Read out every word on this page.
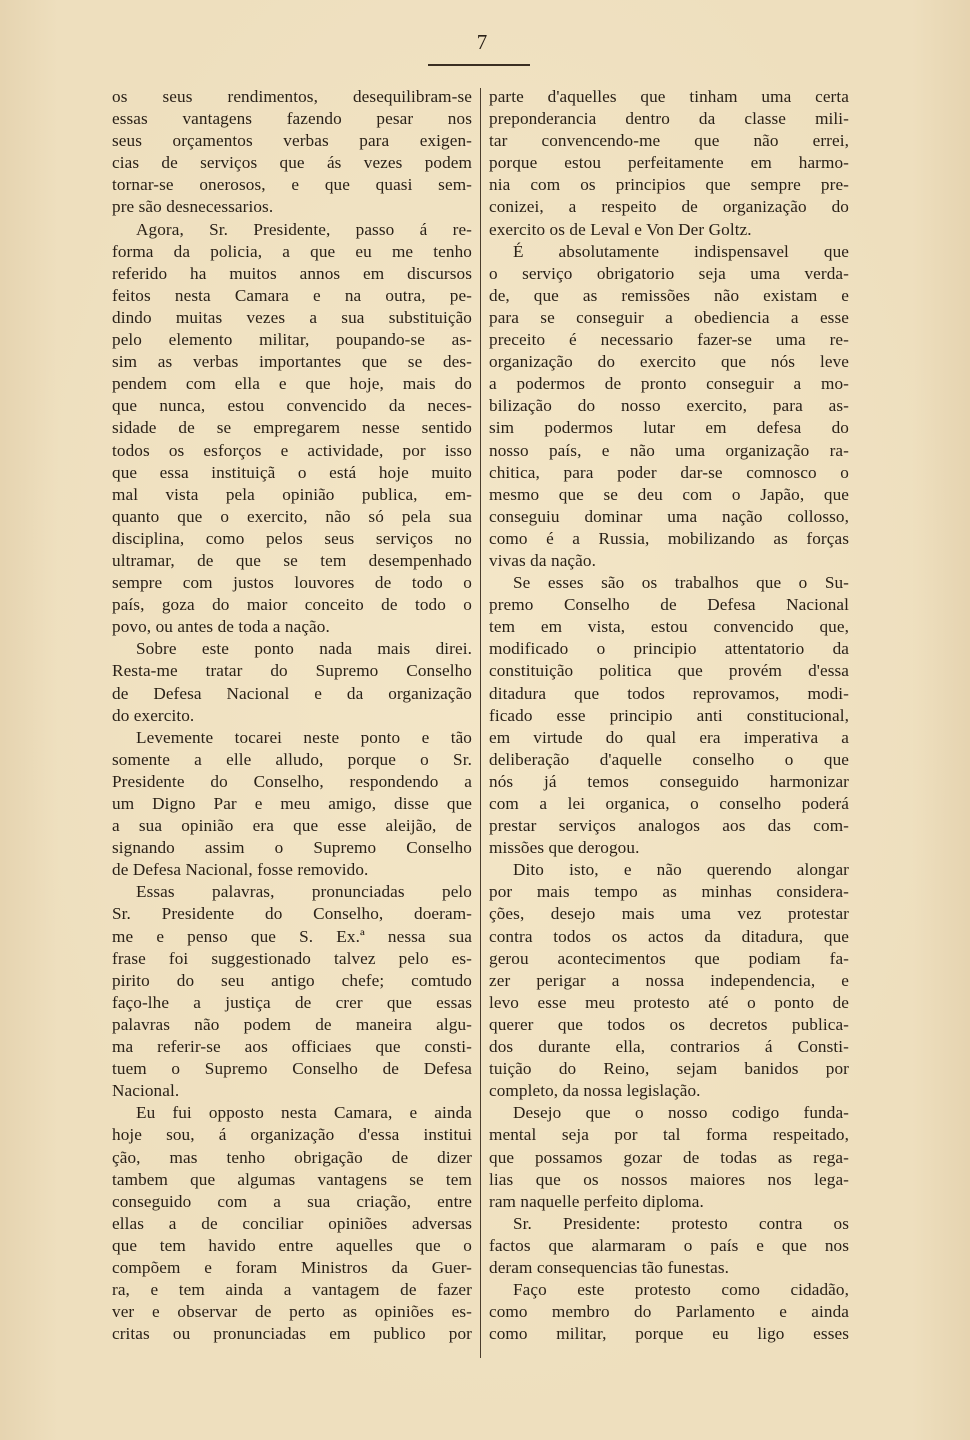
7
os seus rendimentos, desequilibram-se
essas vantagens fazendo pesar nos
seus orçamentos verbas para exigen-
cias de serviços que ás vezes podem
tornar-se onerosos, e que quasi sem-
pre são desnecessarios.
Agora, Sr. Presidente, passo á re-
forma da policia, a que eu me tenho
referido ha muitos annos em discursos
feitos nesta Camara e na outra, pe-
dindo muitas vezes a sua substituição
pelo elemento militar, poupando-se as-
sim as verbas importantes que se des-
pendem com ella e que hoje, mais do
que nunca, estou convencido da neces-
sidade de se empregarem nesse sentido
todos os esforços e actividade, por isso
que essa instituiçã o está hoje muito
mal vista pela opinião publica, em-
quanto que o exercito, não só pela sua
disciplina, como pelos seus serviços no
ultramar, de que se tem desempenhado
sempre com justos louvores de todo o
país, goza do maior conceito de todo o
povo, ou antes de toda a nação.
Sobre este ponto nada mais direi.
Resta-me tratar do Supremo Conselho
de Defesa Nacional e da organização
do exercito.
Levemente tocarei neste ponto e tão
somente a elle alludo, porque o Sr.
Presidente do Conselho, respondendo a
um Digno Par e meu amigo, disse que
a sua opinião era que esse aleijão, de
signando assim o Supremo Conselho
de Defesa Nacional, fosse removido.
Essas palavras, pronunciadas pelo
Sr. Presidente do Conselho, doeram-
me e penso que S. Ex.ª nessa sua
frase foi suggestionado talvez pelo es-
pirito do seu antigo chefe; comtudo
faço-lhe a justiça de crer que essas
palavras não podem de maneira algu-
ma referir-se aos officiaes que consti-
tuem o Supremo Conselho de Defesa
Nacional.
Eu fui opposto nesta Camara, e ainda
hoje sou, á organização d'essa institui
ção, mas tenho obrigação de dizer
tambem que algumas vantagens se tem
conseguido com a sua criação, entre
ellas a de conciliar opiniões adversas
que tem havido entre aquelles que o
compõem e foram Ministros da Guer-
ra, e tem ainda a vantagem de fazer
ver e observar de perto as opiniões es-
critas ou pronunciadas em publico por
parte d'aquelles que tinham uma certa
preponderancia dentro da classe mili-
tar convencendo-me que não errei,
porque estou perfeitamente em harmo-
nia com os principios que sempre pre-
conizei, a respeito de organização do
exercito os de Leval e Von Der Goltz.
É absolutamente indispensavel que
o serviço obrigatorio seja uma verda-
de, que as remissões não existam e
para se conseguir a obediencia a esse
preceito é necessario fazer-se uma re-
organização do exercito que nós leve
a podermos de pronto conseguir a mo-
bilização do nosso exercito, para as-
sim podermos lutar em defesa do
nosso país, e não uma organização ra-
chitica, para poder dar-se comnosco o
mesmo que se deu com o Japão, que
conseguiu dominar uma nação collosso,
como é a Russia, mobilizando as forças
vivas da nação.
Se esses são os trabalhos que o Su-
premo Conselho de Defesa Nacional
tem em vista, estou convencido que,
modificado o principio attentatorio da
constituição politica que provém d'essa
ditadura que todos reprovamos, modi-
ficado esse principio anti constitucional,
em virtude do qual era imperativa a
deliberação d'aquelle conselho o que
nós já temos conseguido harmonizar
com a lei organica, o conselho poderá
prestar serviços analogos aos das com-
missões que derogou.
Dito isto, e não querendo alongar
por mais tempo as minhas considera-
ções, desejo mais uma vez protestar
contra todos os actos da ditadura, que
gerou acontecimentos que podiam fa-
zer perigar a nossa independencia, e
levo esse meu protesto até o ponto de
querer que todos os decretos publica-
dos durante ella, contrarios á Consti-
tuição do Reino, sejam banidos por
completo, da nossa legislação.
Desejo que o nosso codigo funda-
mental seja por tal forma respeitado,
que possamos gozar de todas as rega-
lias que os nossos maiores nos lega-
ram naquelle perfeito diploma.
Sr. Presidente: protesto contra os
factos que alarmaram o país e que nos
deram consequencias tão funestas.
Faço este protesto como cidadão,
como membro do Parlamento e ainda
como militar, porque eu ligo esses
